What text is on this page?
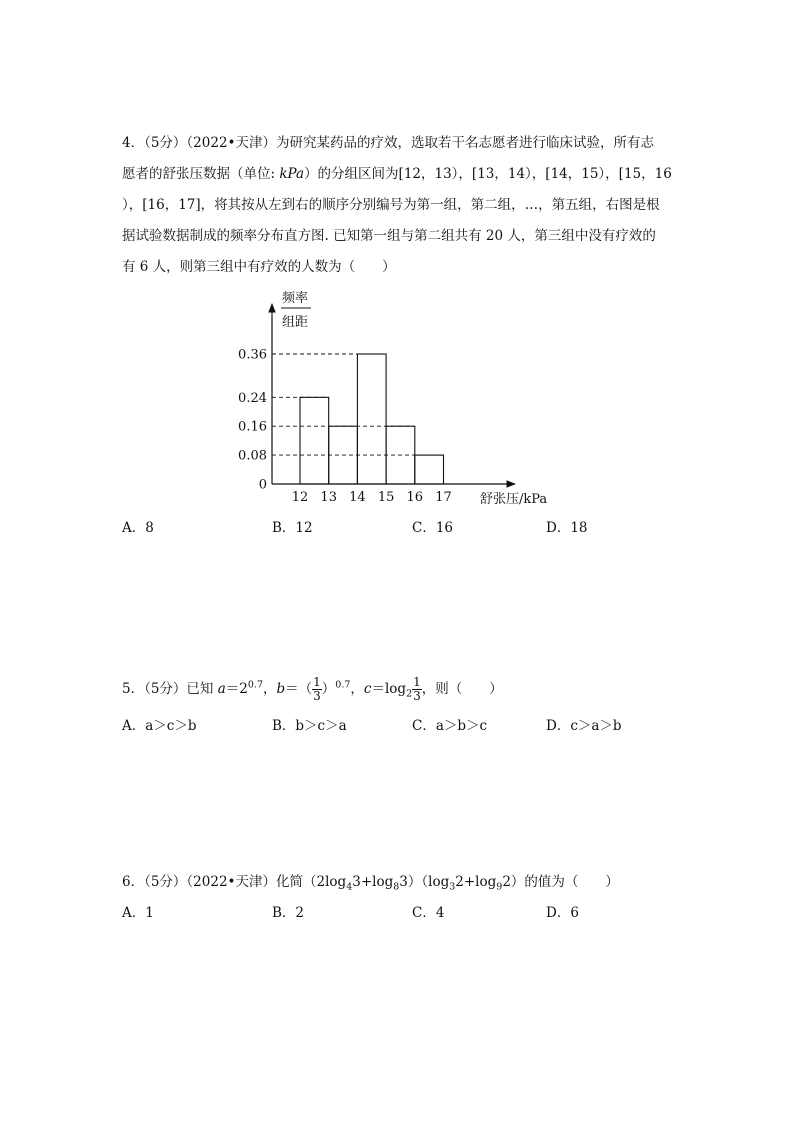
4．（5分）（2022•天津）为研究某药品的疗效，选取若干名志愿者进行临床试验，所有志
愿者的舒张压数据（单位: kPa）的分组区间为[12，13），[13，14），[14，15），[15，16
），[16，17]，将其按从左到右的顺序分别编号为第一组，第二组，…，第五组，右图是根
据试验数据制成的频率分布直方图. 已知第一组与第二组共有 20 人，第三组中没有疗效的
有 6 人，则第三组中有疗效的人数为（　　）
频率
组距
舒张压/kPa
0
0.08
0.16
0.24
0.36
12 13 14 15 16 17
A．8	B．12	C．16	D．18
5．（5分）已知 $a=2^{0.7}$，$b=( \frac{1}{3} )^{0.7}$，$c=\log_2 \frac{1}{3}$ ，则（　　）
A．a＞c＞b	B．b＞c＞a	C．a＞b＞c	D．c＞a＞b
6．（5分）（2022•天津）化简$(2\log_43+\log_83)(\log_32+\log_92)$的值为（　　）
A．1	B．2	C．4	D．6
